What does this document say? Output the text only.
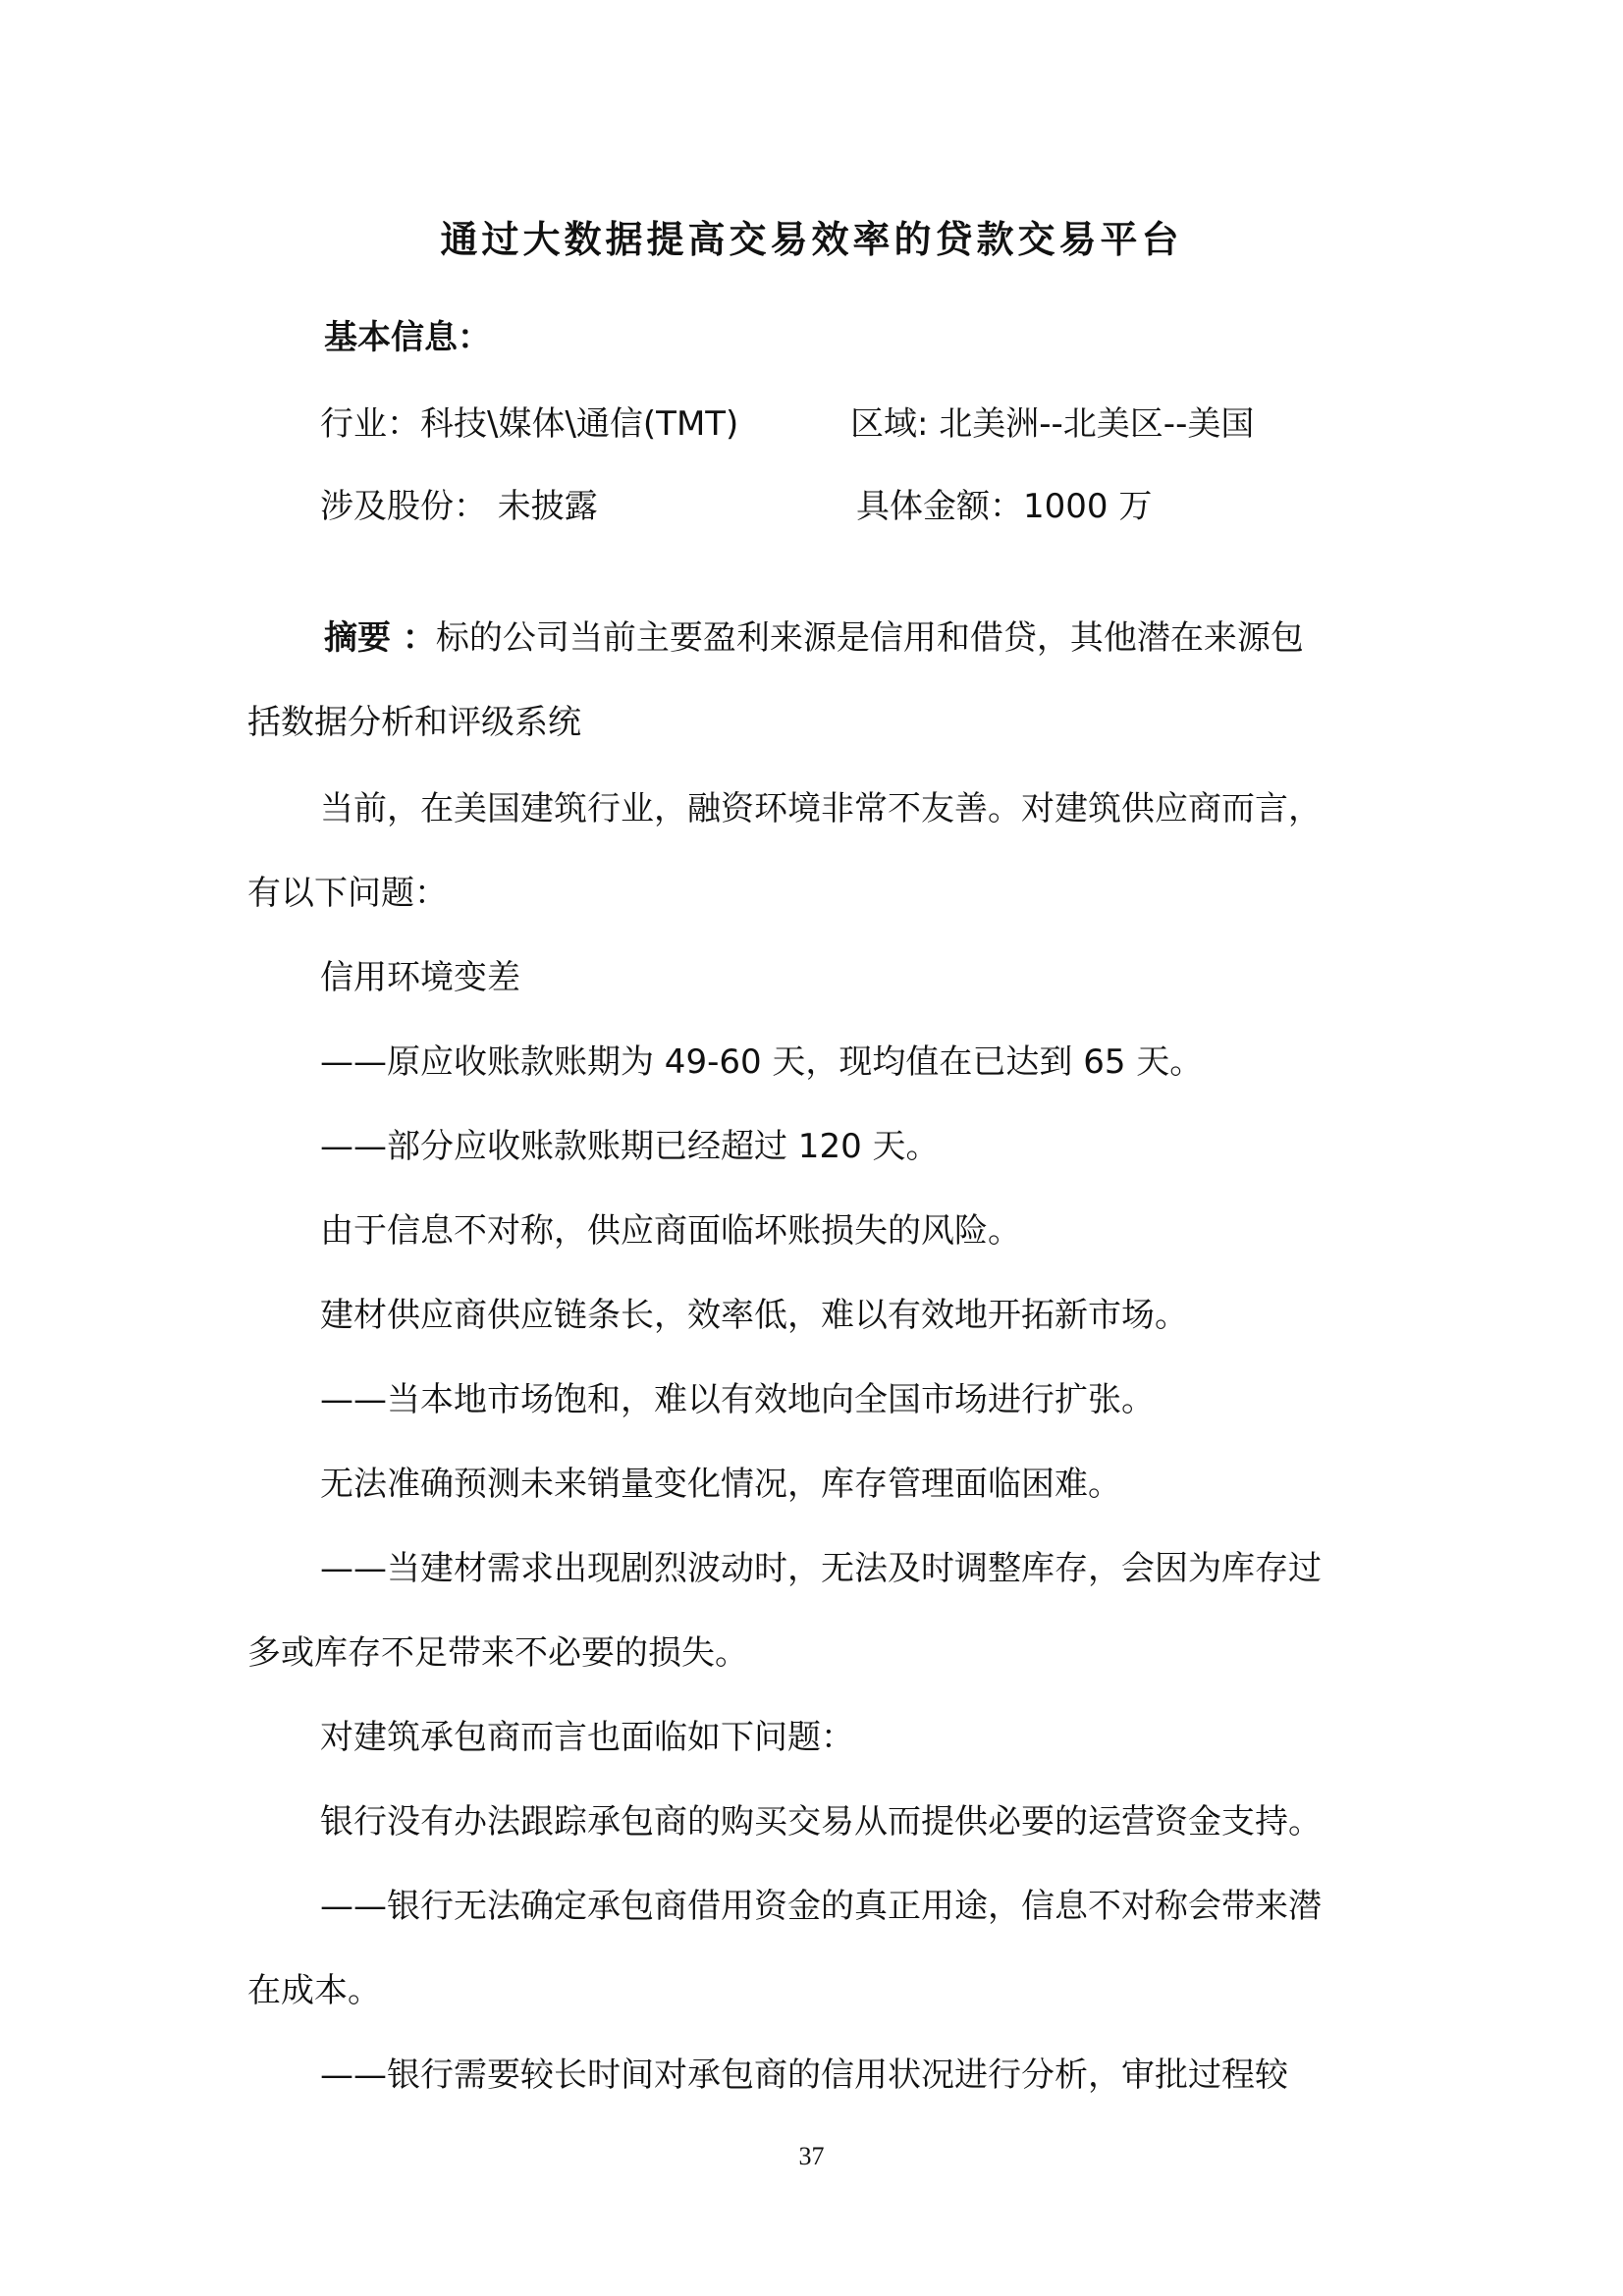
通过大数据提高交易效率的贷款交易平台
基本信息：
行业：科技\媒体\通信(TMT)	区域: 北美洲--北美区--美国
涉及股份： 未披露	具体金额：1000 万
摘要 ：标的公司当前主要盈利来源是信用和借贷，其他潜在来源包
括数据分析和评级系统
当前，在美国建筑行业，融资环境非常不友善。对建筑供应商而言，
有以下问题：
信用环境变差
——原应收账款账期为 49-60 天，现均值在已达到 65 天。
——部分应收账款账期已经超过 120 天。
由于信息不对称，供应商面临坏账损失的风险。
建材供应商供应链条长，效率低，难以有效地开拓新市场。
——当本地市场饱和，难以有效地向全国市场进行扩张。
无法准确预测未来销量变化情况，库存管理面临困难。
——当建材需求出现剧烈波动时，无法及时调整库存，会因为库存过
多或库存不足带来不必要的损失。
对建筑承包商而言也面临如下问题：
银行没有办法跟踪承包商的购买交易从而提供必要的运营资金支持。
——银行无法确定承包商借用资金的真正用途，信息不对称会带来潜
在成本。
——银行需要较长时间对承包商的信用状况进行分析，审批过程较
37
